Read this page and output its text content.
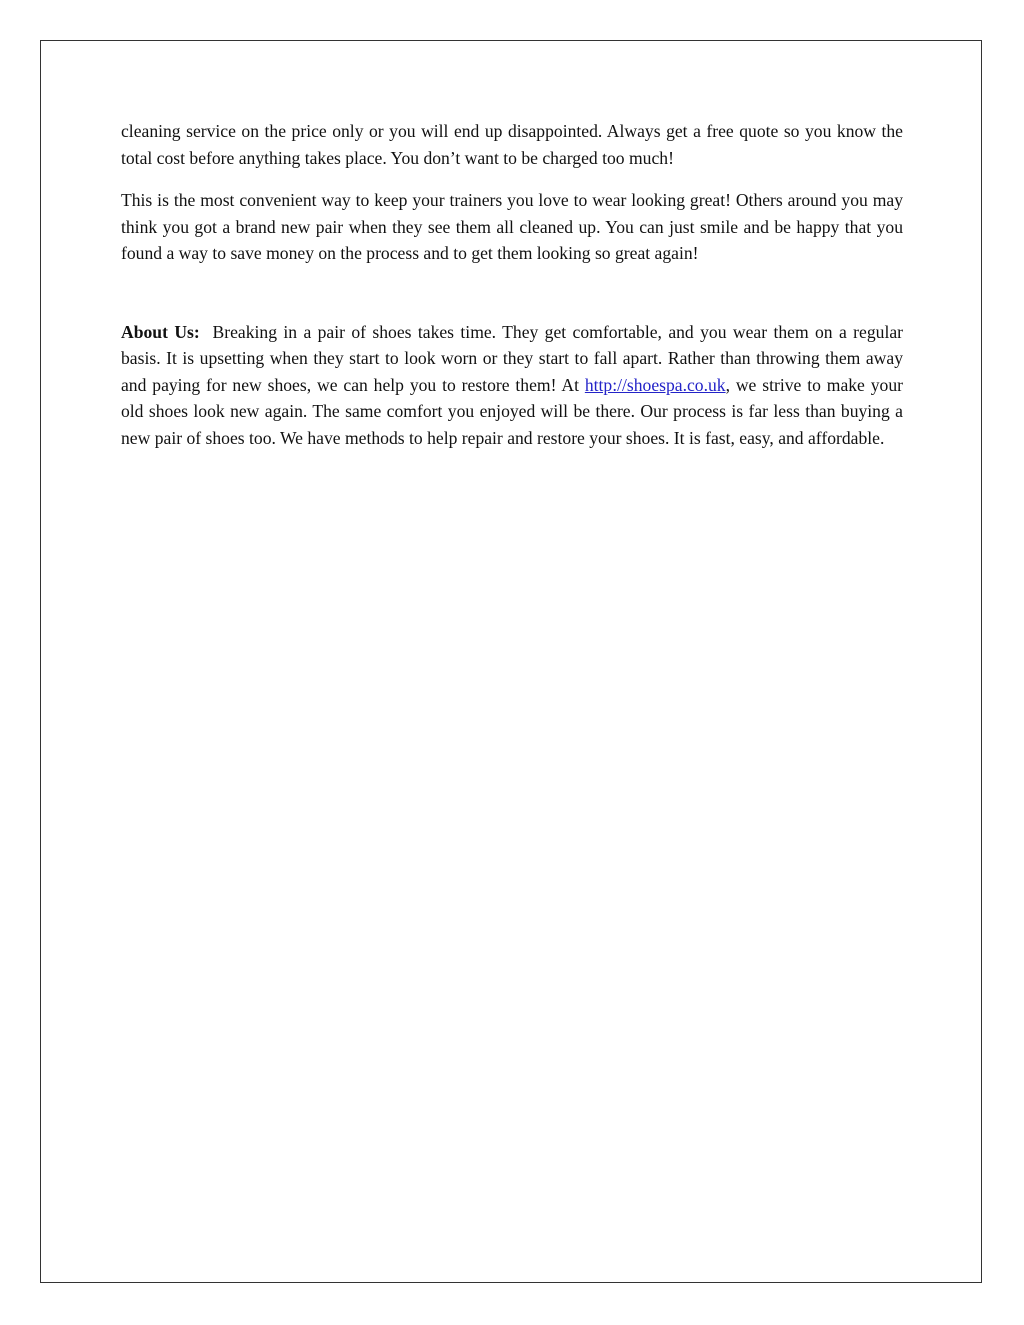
cleaning service on the price only or you will end up disappointed. Always get a free quote so you know the total cost before anything takes place. You don’t want to be charged too much!

This is the most convenient way to keep your trainers you love to wear looking great! Others around you may think you got a brand new pair when they see them all cleaned up. You can just smile and be happy that you found a way to save money on the process and to get them looking so great again!

About Us: Breaking in a pair of shoes takes time. They get comfortable, and you wear them on a regular basis. It is upsetting when they start to look worn or they start to fall apart. Rather than throwing them away and paying for new shoes, we can help you to restore them! At http://shoespa.co.uk, we strive to make your old shoes look new again. The same comfort you enjoyed will be there. Our process is far less than buying a new pair of shoes too. We have methods to help repair and restore your shoes. It is fast, easy, and affordable.
